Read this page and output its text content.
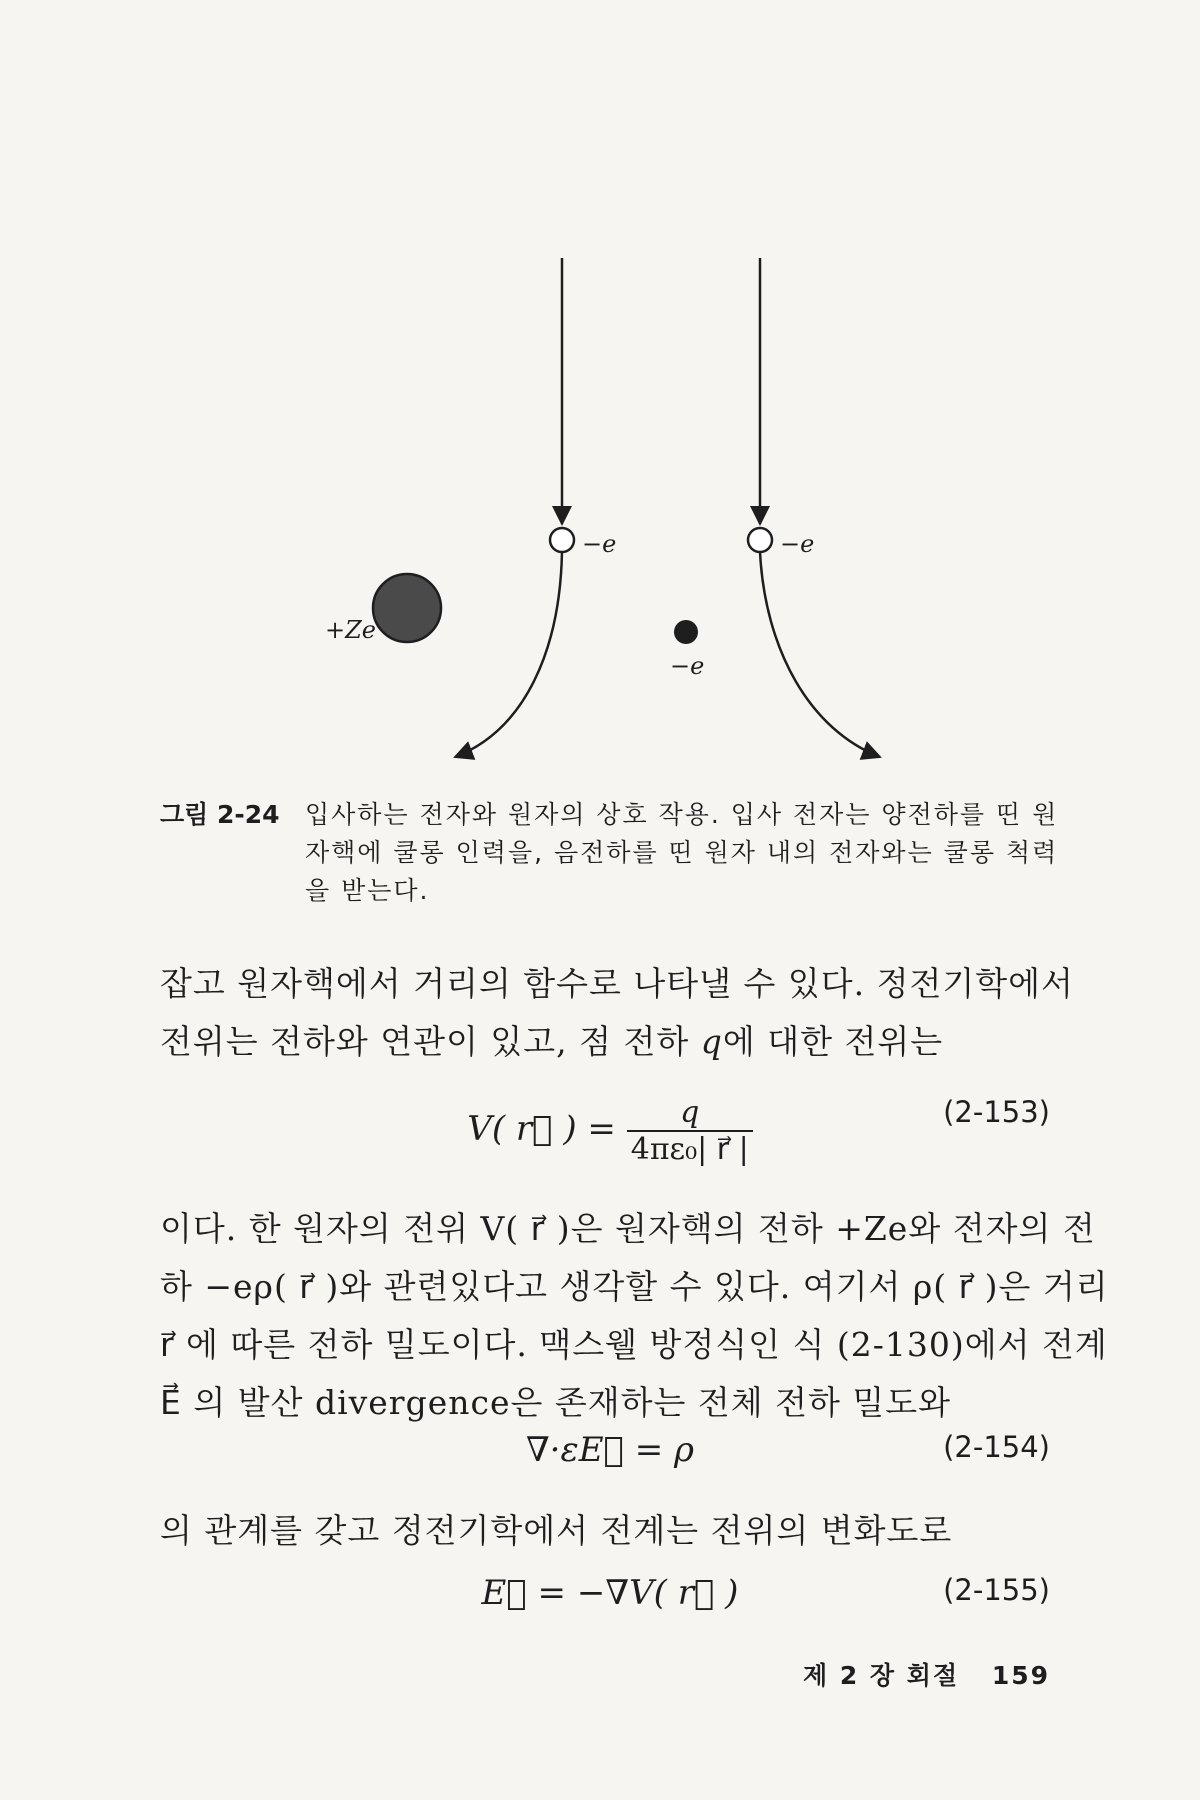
−e	−e
+Ze
−e
그림 2-24 입사하는 전자와 원자의 상호 작용. 입사 전자는 양전하를 띤 원자핵에 쿨롱 인력을, 음전하를 띤 원자 내의 전자와는 쿨롱 척력을 받는다.
잡고 원자핵에서 거리의 함수로 나타낼 수 있다. 정전기학에서
전위는 전하와 연관이 있고, 점 전하 q에 대한 전위는
V( r⃗ ) = $\frac{q}{\text{4πε₀| r⃗ |}}$	(2-153)
이다. 한 원자의 전위 V( r⃗ )은 원자핵의 전하 +Ze와 전자의 전
하 −eρ( r⃗ )와 관련있다고 생각할 수 있다. 여기서 ρ( r⃗ )은 거리
r⃗ 에 따른 전하 밀도이다. 맥스웰 방정식인 식 (2-130)에서 전계
E⃗ 의 발산 divergence은 존재하는 전체 전하 밀도와
∇·εE⃗ = ρ	(2-154)
의 관계를 갖고 정전기학에서 전계는 전위의 변화도로
E⃗ = −∇V( r⃗ )	(2-155)
제 2 장 회절 159
